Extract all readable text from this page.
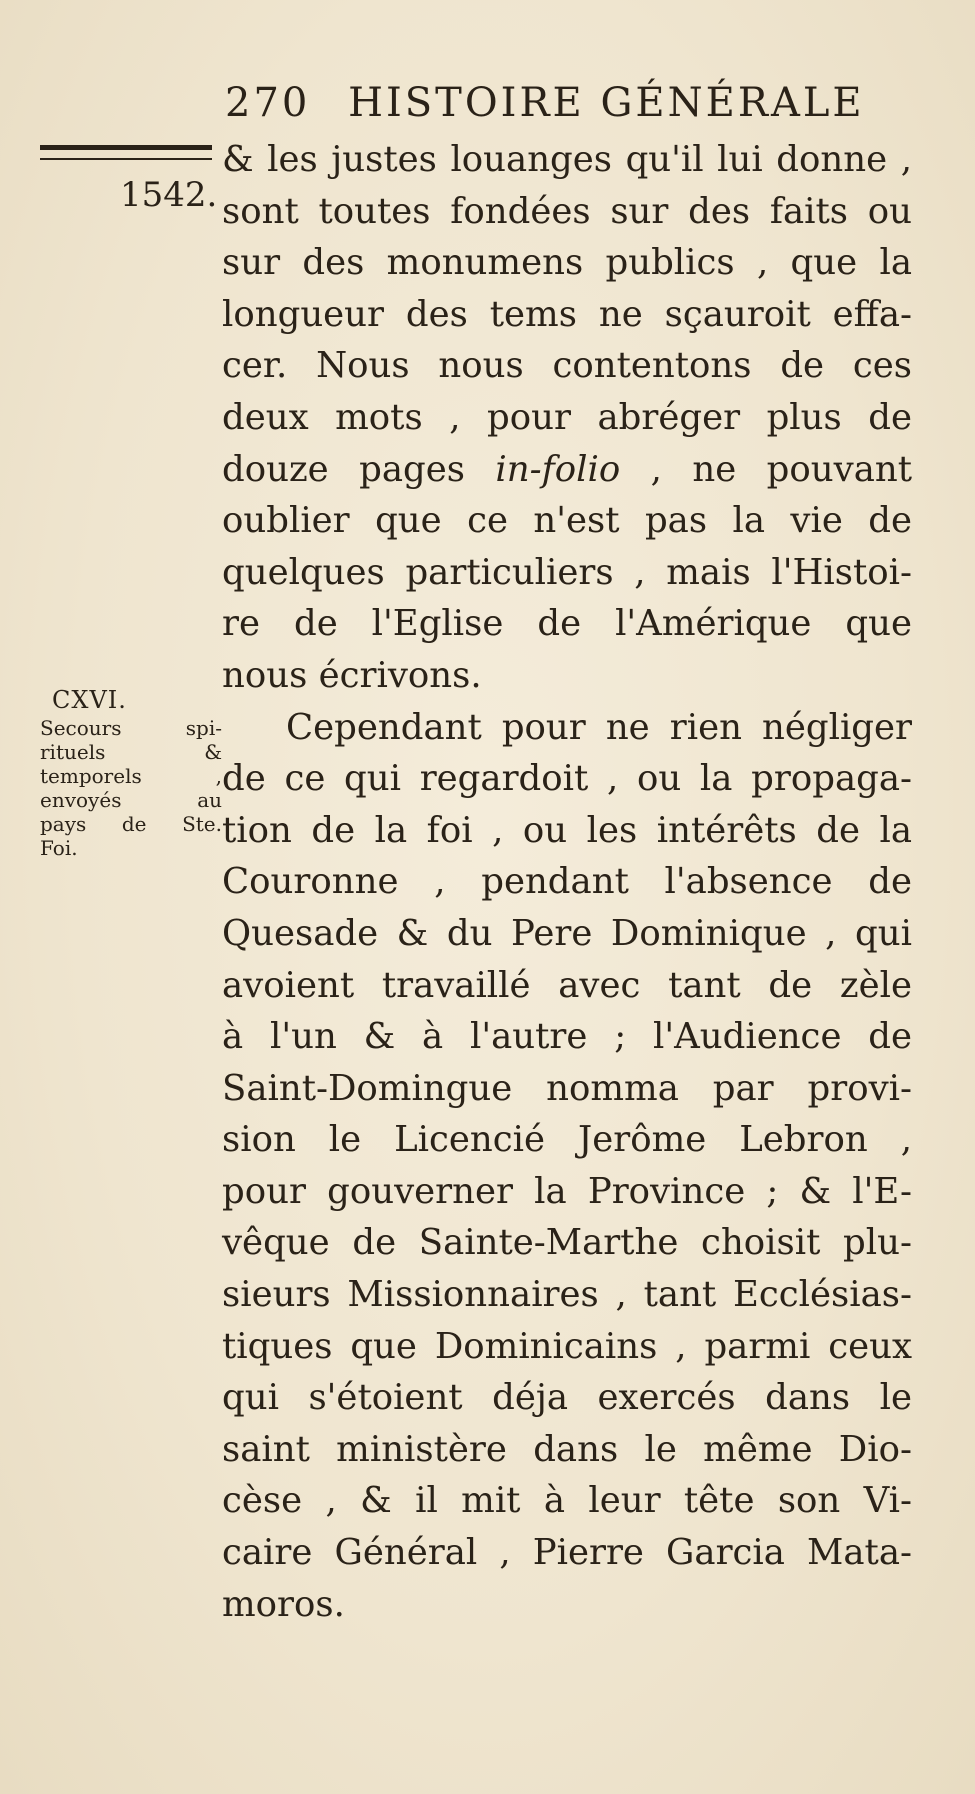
270 HISTOIRE GÉNÉRALE
1542.
& les justes louanges qu'il lui donne ,
sont toutes fondées sur des faits ou
sur des monumens publics , que la
longueur des tems ne sçauroit effa-
cer. Nous nous contentons de ces
deux mots , pour abréger plus de
douze pages in-folio , ne pouvant
oublier que ce n'est pas la vie de
quelques particuliers , mais l'Histoi-
re de l'Eglise de l'Amérique que
nous écrivons.
Cependant pour ne rien négliger
de ce qui regardoit , ou la propaga-
tion de la foi , ou les intérêts de la
Couronne , pendant l'absence de
Quesade & du Pere Dominique , qui
avoient travaillé avec tant de zèle
à l'un & à l'autre ; l'Audience de
Saint-Domingue nomma par provi-
sion le Licencié Jerôme Lebron ,
pour gouverner la Province ; & l'E-
vêque de Sainte-Marthe choisit plu-
sieurs Missionnaires , tant Ecclésias-
tiques que Dominicains , parmi ceux
qui s'étoient déja exercés dans le
saint ministère dans le même Dio-
cèse , & il mit à leur tête son Vi-
caire Général , Pierre Garcia Mata-
moros.
CXVI.
Secours spi-
rituels &
temporels ,
envoyés au
pays de Ste.
Foi.
